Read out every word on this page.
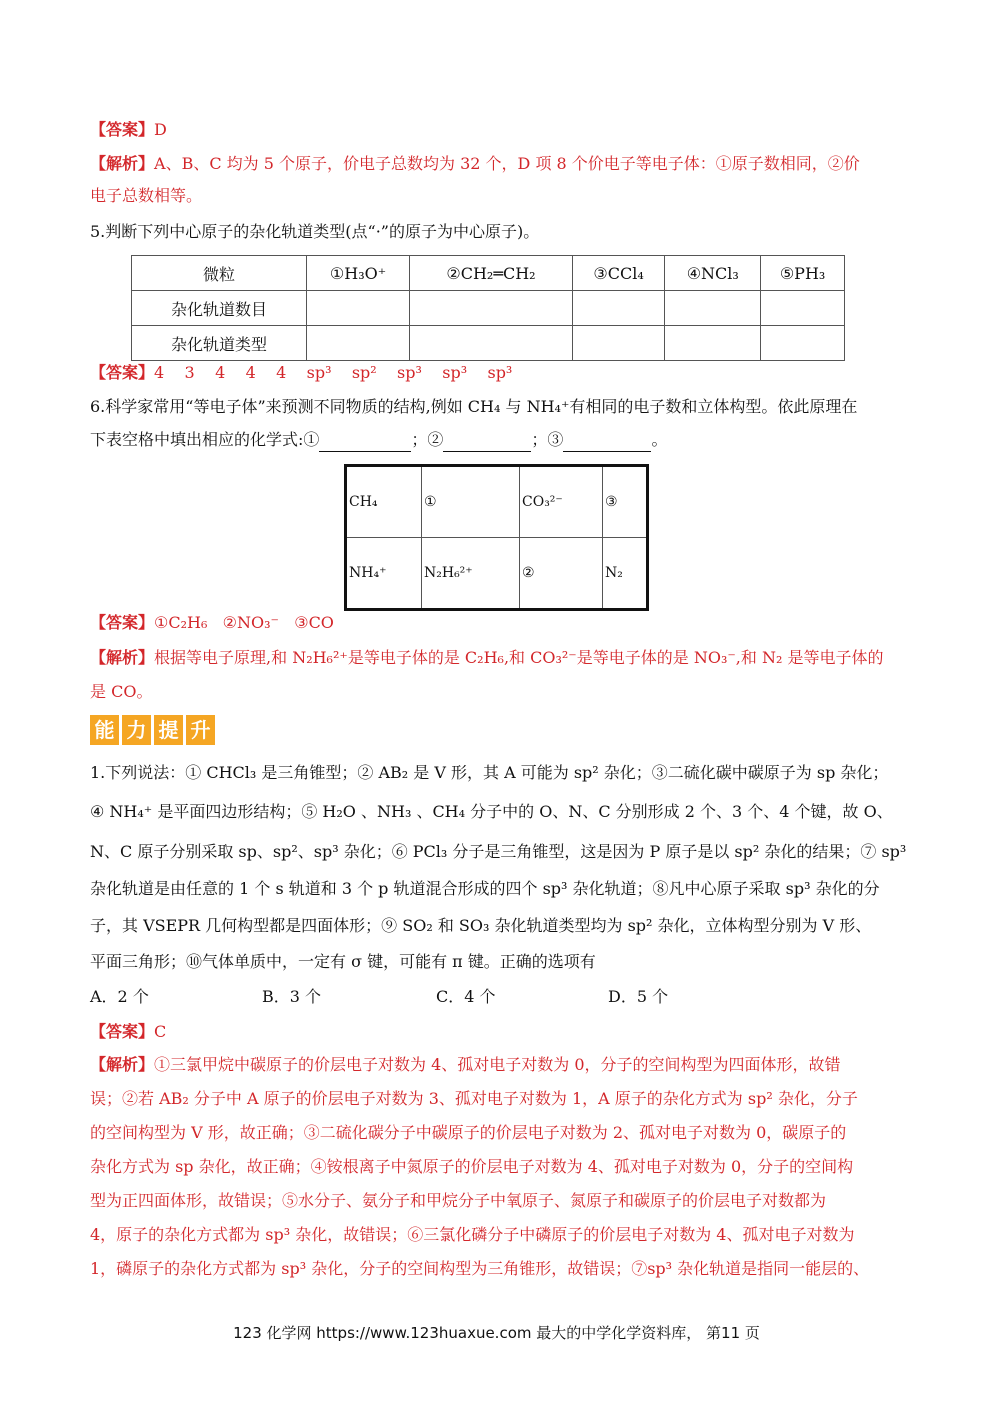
【答案】D
【解析】A、B、C 均为 5 个原子，价电子总数均为 32 个，D 项 8 个价电子等电子体：①原子数相同，②价
电子总数相等。
5.判断下列中心原子的杂化轨道类型(点“·”的原子为中心原子)。
微粒	①H₃O⁺	②CH₂═CH₂	③CCl₄	④NCl₃	⑤PH₃
杂化轨道数目					
杂化轨道类型					
【答案】4    3    4    4    4    sp³    sp²    sp³    sp³    sp³
6.科学家常用“等电子体”来预测不同物质的结构,例如 CH₄ 与 NH₄⁺有相同的电子数和立体构型。依此原理在
下表空格中填出相应的化学式:①	；②	；③	。
CH₄	①	CO₃²⁻	③
NH₄⁺	N₂H₆²⁺	②	N₂
【答案】①C₂H₆   ②NO₃⁻   ③CO
【解析】根据等电子原理,和 N₂H₆²⁺是等电子体的是 C₂H₆,和 CO₃²⁻是等电子体的是 NO₃⁻,和 N₂ 是等电子体的
是 CO。
能 力 提 升
1.下列说法：① CHCl₃ 是三角锥型；② AB₂ 是 V 形，其 A 可能为 sp² 杂化；③二硫化碳中碳原子为 sp 杂化；
④ NH₄⁺ 是平面四边形结构；⑤ H₂O 、NH₃ 、CH₄ 分子中的 O、N、C 分别形成 2 个、3 个、4 个键，故 O、
N、C 原子分别采取 sp、sp²、sp³ 杂化；⑥ PCl₃ 分子是三角锥型，这是因为 P 原子是以 sp² 杂化的结果；⑦ sp³
杂化轨道是由任意的 1 个 s 轨道和 3 个 p 轨道混合形成的四个 sp³ 杂化轨道；⑧凡中心原子采取 sp³ 杂化的分
子，其 VSEPR 几何构型都是四面体形；⑨ SO₂ 和 SO₃ 杂化轨道类型均为 sp² 杂化，立体构型分别为 V 形、
平面三角形；⑩气体单质中，一定有 σ 键，可能有 π 键。正确的选项有
A．2 个	B．3 个	C．4 个	D．5 个
【答案】C
【解析】①三氯甲烷中碳原子的价层电子对数为 4、孤对电子对数为 0，分子的空间构型为四面体形，故错
误；②若 AB₂ 分子中 A 原子的价层电子对数为 3、孤对电子对数为 1，A 原子的杂化方式为 sp² 杂化，分子
的空间构型为 V 形，故正确；③二硫化碳分子中碳原子的价层电子对数为 2、孤对电子对数为 0，碳原子的
杂化方式为 sp 杂化，故正确；④铵根离子中氮原子的价层电子对数为 4、孤对电子对数为 0，分子的空间构
型为正四面体形，故错误；⑤水分子、氨分子和甲烷分子中氧原子、氮原子和碳原子的价层电子对数都为
4，原子的杂化方式都为 sp³ 杂化，故错误；⑥三氯化磷分子中磷原子的价层电子对数为 4、孤对电子对数为
1，磷原子的杂化方式都为 sp³ 杂化，分子的空间构型为三角锥形，故错误；⑦sp³ 杂化轨道是指同一能层的、
123 化学网 https://www.123huaxue.com 最大的中学化学资料库， 第11 页
